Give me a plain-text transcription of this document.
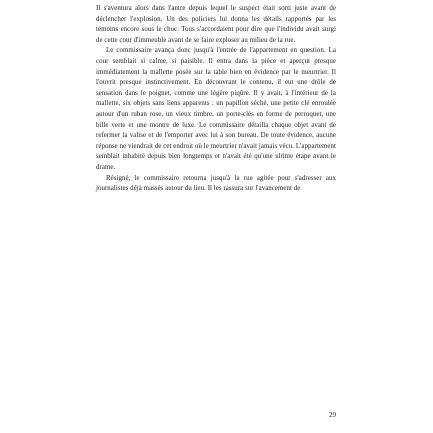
Il s'aventura alors dans l'antre depuis lequel le suspect était sorti juste avant de déclencher l'explosion. Un des policiers lui donna les détails rapportés par les témoins encore sous le choc. Tous s'accordaient pour dire que l'individu avait surgi de cette cour d'immeuble avant de se faire exploser au milieu de la rue.

Le commissaire avança donc jusqu'à l'entrée de l'appartement en question. La cour semblait si calme, si paisible. Il entra dans la pièce et aperçut presque immédiatement la mallette posée sur la table bien en évidence par le meurtrier. Il l'ouvrit presque instinctivement. En découvrant le contenu, il eut une drôle de sensation dans le poignet, comme une légère piqûre. Il y avait, à l'intérieur de la mallette, six objets sans liens apparents : un papillon séché, une petite clé enroulée autour d'un ruban rose, un vieux timbre, un porte-clés en forme de perroquet, une bille verte et une montre de luxe. Le commissaire détailla chaque objet avant de refermer la valise et de l'emporter avec lui à son bureau. De toute évidence, aucune réponse ne viendrait de cet endroit où le meurtrier n'avait jamais vécu. L'appartement semblait inhabité depuis bien longtemps et n'avait été qu'une ultime étape avant le drame.

Résigné, le commissaire retourna jusqu'à la rue agitée pour s'adresser aux journalistes déjà massés autour du lieu. Il les rassura sur l'avancement de

29
